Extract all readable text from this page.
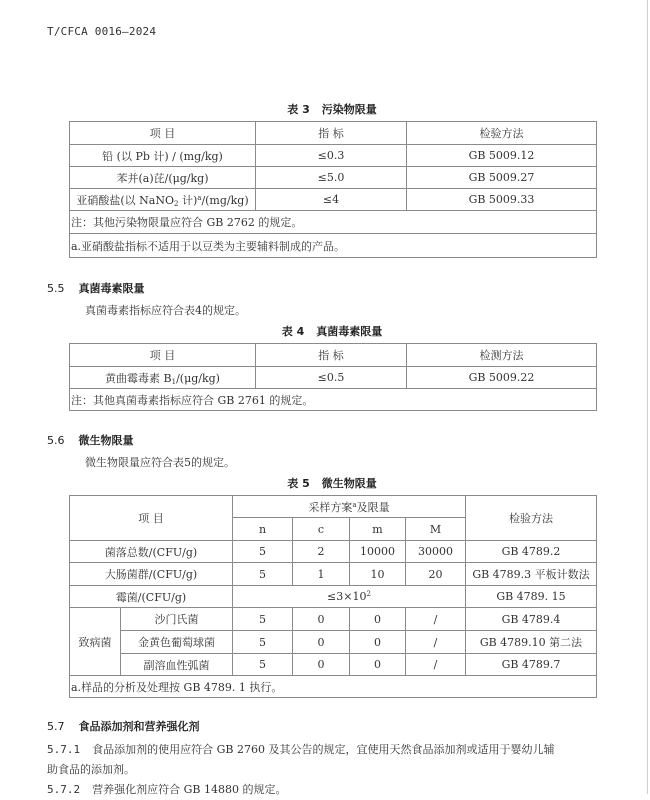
T/CFCA 0016—2024
表 3 污染物限量
项 目	指 标	检验方法
铅 (以 Pb 计) / (mg/kg)	≤0.3	GB 5009.12
苯并(a)芘/(μg/kg)	≤5.0	GB 5009.27
亚硝酸盐(以 NaNO$_2$ 计)$^a$/(mg/kg)	≤4	GB 5009.33
注：其他污染物限量应符合 GB 2762 的规定。		
a.亚硝酸盐指标不适用于以豆类为主要辅料制成的产品。		
5.5 真菌毒素限量
真菌毒素指标应符合表4的规定。
表 4 真菌毒素限量
项 目	指 标	检测方法
黄曲霉毒素 $B_1/(\mu g/kg)$	≤0.5	GB 5009.22
注：其他真菌毒素指标应符合 GB 2761 的规定。		
5.6 微生物限量
微生物限量应符合表5的规定。
表 5 微生物限量
项 目		采样方案$^a$及限量				检验方法
		n	c	m	M	
菌落总数/(CFU/g)		5	2	10000	30000	GB 4789.2
大肠菌群/(CFU/g)		5	1	10	20	GB 4789.3 平板计数法
霉菌/(CFU/g)		$\le 3\times 10^2$				GB 4789. 15
致病菌	沙门氏菌	5	0	0	/	GB 4789.4
	金黄色葡萄球菌	5	0	0	/	GB 4789.10 第二法
	副溶血性弧菌	5	0	0	/	GB 4789.7
a.样品的分析及处理按 GB 4789. 1 执行。						
5.7 食品添加剂和营养强化剂
5.7.1 食品添加剂的使用应符合 GB 2760 及其公告的规定，宜使用天然食品添加剂或适用于婴幼儿辅
助食品的添加剂。
5.7.2 营养强化剂应符合 GB 14880 的规定。
